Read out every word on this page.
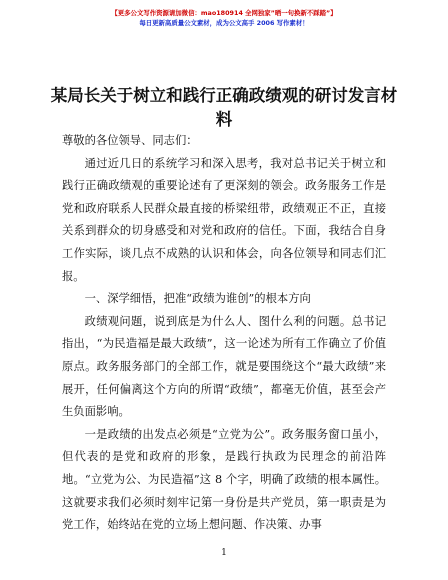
【更多公文写作资源请加微信：mao180914 全网独家”晒一句换新不踩踏”】
每日更新高质量公文素材，成为公文高手 2006 写作素材！
某局长关于树立和践行正确政绩观的研讨发言材料

尊敬的各位领导、同志们：

通过近几日的系统学习和深入思考，我对总书记关于树立和践行正确政绩观的重要论述有了更深刻的领会。政务服务工作是党和政府联系人民群众最直接的桥梁纽带，政绩观正不正，直接关系到群众的切身感受和对党和政府的信任。下面，我结合自身工作实际，谈几点不成熟的认识和体会，向各位领导和同志们汇报。

一、深学细悟，把准“政绩为谁创”的根本方向

政绩观问题，说到底是为什么人、图什么利的问题。总书记指出，“为民造福是最大政绩”，这一论述为所有工作确立了价值原点。政务服务部门的全部工作，就是要围绕这个“最大政绩”来展开，任何偏离这个方向的所谓“政绩”，都毫无价值，甚至会产生负面影响。

一是政绩的出发点必须是“立党为公”。政务服务窗口虽小，但代表的是党和政府的形象，是践行执政为民理念的前沿阵地。“立党为公、为民造福”这 8 个字，明确了政绩的根本属性。这就要求我们必须时刻牢记第一身份是共产党员，第一职责是为党工作，始终站在党的立场上想问题、作决策、办事

1
